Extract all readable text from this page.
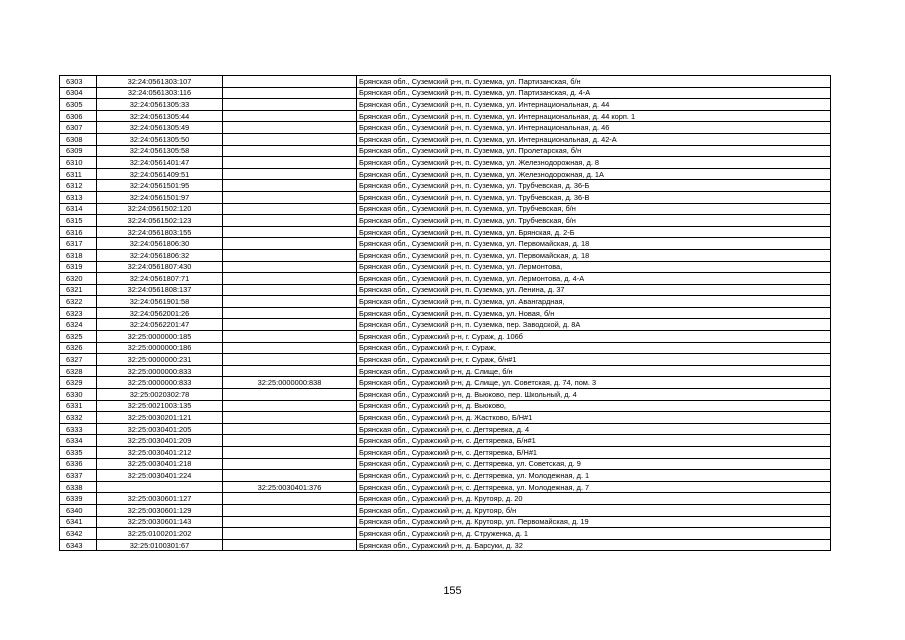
6303	32:24:0561303:107		Брянская обл., Суземский р-н, п. Суземка, ул. Партизанская, б/н
6304	32:24:0561303:116		Брянская обл., Суземский р-н, п. Суземка, ул. Партизанская, д. 4-А
6305	32:24:0561305:33		Брянская обл., Суземский р-н, п. Суземка, ул. Интернациональная, д. 44
6306	32:24:0561305:44		Брянская обл., Суземский р-н, п. Суземка, ул. Интернациональная, д. 44 корп. 1
6307	32:24:0561305:49		Брянская обл., Суземский р-н, п. Суземка, ул. Интернациональная, д. 46
6308	32:24:0561305:50		Брянская обл., Суземский р-н, п. Суземка, ул. Интернациональная, д. 42-А
6309	32:24:0561305:58		Брянская обл., Суземский р-н, п. Суземка, ул. Пролетарская, б/н
6310	32:24:0561401:47		Брянская обл., Суземский р-н, п. Суземка, ул. Железнодорожная, д. 8
6311	32:24:0561409:51		Брянская обл., Суземский р-н, п. Суземка, ул. Железнодорожная, д. 1А
6312	32:24:0561501:95		Брянская обл., Суземский р-н, п. Суземка, ул. Трубчевская, д. 36-Б
6313	32:24:0561501:97		Брянская обл., Суземский р-н, п. Суземка, ул. Трубчевская, д. 36-В
6314	32:24:0561502:120		Брянская обл., Суземский р-н, п. Суземка, ул. Трубчевская, б/н
6315	32:24:0561502:123		Брянская обл., Суземский р-н, п. Суземка, ул. Трубчевская, б/н
6316	32:24:0561803:155		Брянская обл., Суземский р-н, п. Суземка, ул. Брянская, д. 2-Б
6317	32:24:0561806:30		Брянская обл., Суземский р-н, п. Суземка, ул. Первомайская, д. 18
6318	32:24:0561806:32		Брянская обл., Суземский р-н, п. Суземка, ул. Первомайская, д. 18
6319	32:24:0561807:430		Брянская обл., Суземский р-н, п. Суземка, ул. Лермонтова,
6320	32:24:0561807:71		Брянская обл., Суземский р-н, п. Суземка, ул. Лермонтова, д. 4-А
6321	32:24:0561808:137		Брянская обл., Суземский р-н, п. Суземка, ул. Ленина, д. 37
6322	32:24:0561901:58		Брянская обл., Суземский р-н, п. Суземка, ул. Авангардная,
6323	32:24:0562001:26		Брянская обл., Суземский р-н, п. Суземка, ул. Новая, б/н
6324	32:24:0562201:47		Брянская обл., Суземский р-н, п. Суземка, пер. Заводской, д. 8А
6325	32:25:0000000:185		Брянская обл., Суражский р-н, г. Сураж, д. 106б
6326	32:25:0000000:186		Брянская обл., Суражский р-н, г. Сураж,
6327	32:25:0000000:231		Брянская обл., Суражский р-н, г. Сураж, б/н#1
6328	32:25:0000000:833		Брянская обл., Суражский р-н, д. Слище, б/н
6329	32:25:0000000:833	32:25:0000000:838	Брянская обл., Суражский р-н, д. Слище, ул. Советская, д. 74, пом. 3
6330	32:25:0020302:78		Брянская обл., Суражский р-н, д. Вьюково, пер. Школьный, д. 4
6331	32:25:0021003:135		Брянская обл., Суражский р-н, д. Вьюково,
6332	32:25:0030201:121		Брянская обл., Суражский р-н, д. Жастково, Б/Н#1
6333	32:25:0030401:205		Брянская обл., Суражский р-н, с. Дегтяревка, д. 4
6334	32:25:0030401:209		Брянская обл., Суражский р-н, с. Дегтяревка, Б/н#1
6335	32:25:0030401:212		Брянская обл., Суражский р-н, с. Дегтяревка, Б/Н#1
6336	32:25:0030401:218		Брянская обл., Суражский р-н, с. Дегтяревка, ул. Советская, д. 9
6337	32:25:0030401:224		Брянская обл., Суражский р-н, с. Дегтяревка, ул. Молодежная, д. 1
6338		32:25:0030401:376	Брянская обл., Суражский р-н, с. Дегтяревка, ул. Молодежная, д. 7
6339	32:25:0030601:127		Брянская обл., Суражский р-н, д. Крутояр, д. 20
6340	32:25:0030601:129		Брянская обл., Суражский р-н, д. Крутояр, б/н
6341	32:25:0030601:143		Брянская обл., Суражский р-н, д. Крутояр, ул. Первомайская, д. 19
6342	32:25:0100201:202		Брянская обл., Суражский р-н, д. Струженка, д. 1
6343	32:25:0100301:67		Брянская обл., Суражский р-н, д. Барсуки, д. 32
155
